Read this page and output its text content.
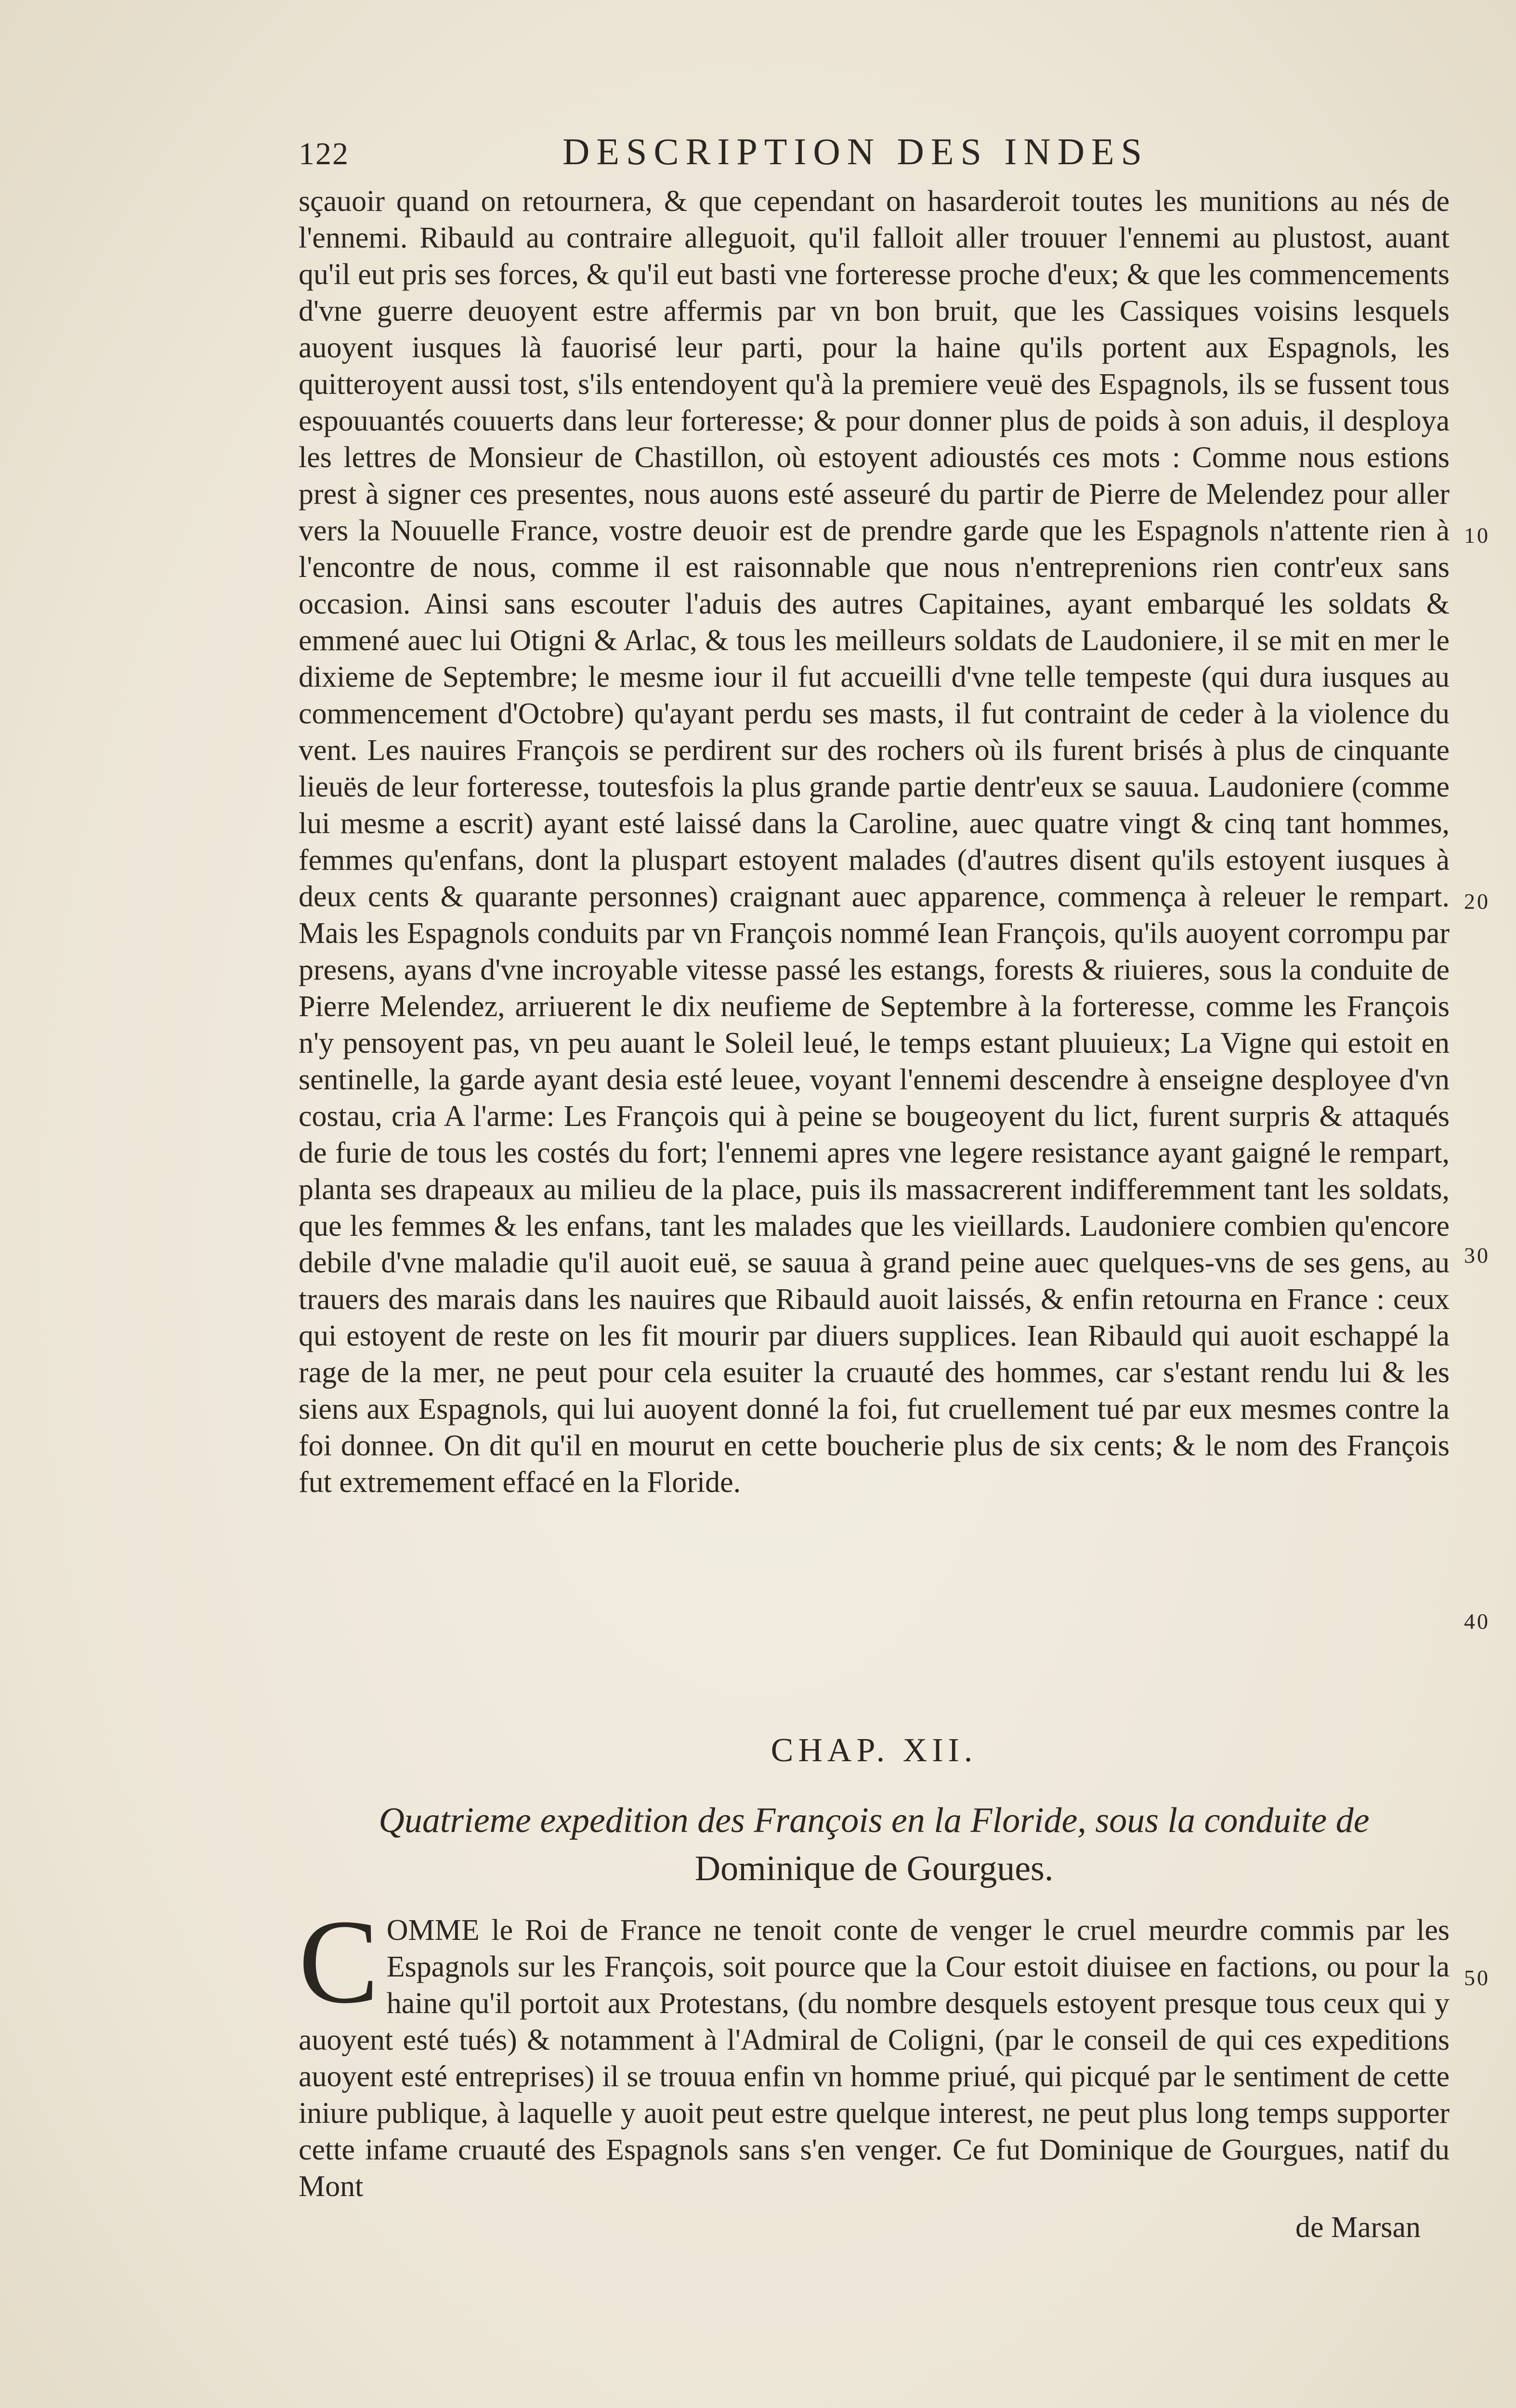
122	DESCRIPTION DES INDES

sçauoir quand on retournera, & que cependant on hasarderoit toutes les munitions au nés de l'ennemi. Ribauld au contraire alleguoit, qu'il falloit aller trouuer l'ennemi au plustost, auant qu'il eut pris ses forces, & qu'il eut basti vne forteresse proche d'eux; & que les commencements d'vne guerre deuoyent estre affermis par vn bon bruit, que les Cassiques voisins lesquels auoyent iusques là fauorisé leur parti, pour la haine qu'ils portent aux Espagnols, les quitteroyent aussi tost, s'ils entendoyent qu'à la premiere veuë des Espagnols, ils se fussent tous espouuantés couuerts dans leur forteresse; & pour donner plus de poids à son aduis, il desploya les lettres de Monsieur de Chastillon, où estoyent adioustés ces mots : Comme nous estions prest à signer ces presentes, nous auons esté asseuré du partir de Pierre de Melendez pour aller vers la Nouuelle France, vostre deuoir est de prendre garde que les Espagnols n'attente rien à l'encontre de nous, comme il est raisonnable que nous n'entreprenions rien contr'eux sans occasion. Ainsi sans escouter l'aduis des autres Capitaines, ayant embarqué les soldats & emmené auec lui Otigni & Arlac, & tous les meilleurs soldats de Laudoniere, il se mit en mer le dixieme de Septembre; le mesme iour il fut accueilli d'vne telle tempeste (qui dura iusques au commencement d'Octobre) qu'ayant perdu ses masts, il fut contraint de ceder à la violence du vent. Les nauires François se perdirent sur des rochers où ils furent brisés à plus de cinquante lieuës de leur forteresse, toutesfois la plus grande partie dentr'eux se sauua. Laudoniere (comme lui mesme a escrit) ayant esté laissé dans la Caroline, auec quatre vingt & cinq tant hommes, femmes qu'enfans, dont la pluspart estoyent malades (d'autres disent qu'ils estoyent iusques à deux cents & quarante personnes) craignant auec apparence, commença à releuer le rempart. Mais les Espagnols conduits par vn François nommé Iean François, qu'ils auoyent corrompu par presens, ayans d'vne incroyable vitesse passé les estangs, forests & riuieres, sous la conduite de Pierre Melendez, arriuerent le dix neufieme de Septembre à la forteresse, comme les François n'y pensoyent pas, vn peu auant le Soleil leué, le temps estant pluuieux; La Vigne qui estoit en sentinelle, la garde ayant desia esté leuee, voyant l'ennemi descendre à enseigne desployee d'vn costau, cria A l'arme: Les François qui à peine se bougeoyent du lict, furent surpris & attaqués de furie de tous les costés du fort; l'ennemi apres vne legere resistance ayant gaigné le rempart, planta ses drapeaux au milieu de la place, puis ils massacrerent indifferemment tant les soldats, que les femmes & les enfans, tant les malades que les vieillards. Laudoniere combien qu'encore debile d'vne maladie qu'il auoit euë, se sauua à grand peine auec quelques-vns de ses gens, au trauers des marais dans les nauires que Ribauld auoit laissés, & enfin retourna en France : ceux qui estoyent de reste on les fit mourir par diuers supplices. Iean Ribauld qui auoit eschappé la rage de la mer, ne peut pour cela esuiter la cruauté des hommes, car s'estant rendu lui & les siens aux Espagnols, qui lui auoyent donné la foi, fut cruellement tué par eux mesmes contre la foi donnee. On dit qu'il en mourut en cette boucherie plus de six cents; & le nom des François fut extremement effacé en la Floride.

CHAP. XII.
Quatrieme expedition des François en la Floride, sous la conduite de
Dominique de Gourgues.
C OMME le Roi de France ne tenoit conte de venger le cruel meurdre commis par les Espagnols sur les François, soit pource que la Cour estoit diuisee en factions, ou pour la haine qu'il portoit aux Protestans, (du nombre desquels estoyent presque tous ceux qui y auoyent esté tués) & notamment à l'Admiral de Coligni, (par le conseil de qui ces expeditions auoyent esté entreprises) il se trouua enfin vn homme priué, qui picqué par le sentiment de cette iniure publique, à laquelle y auoit peut estre quelque interest, ne peut plus long temps supporter cette infame cruauté des Espagnols sans s'en venger. Ce fut Dominique de Gourgues, natif du Mont
de Marsan
10
20
30
40
50
